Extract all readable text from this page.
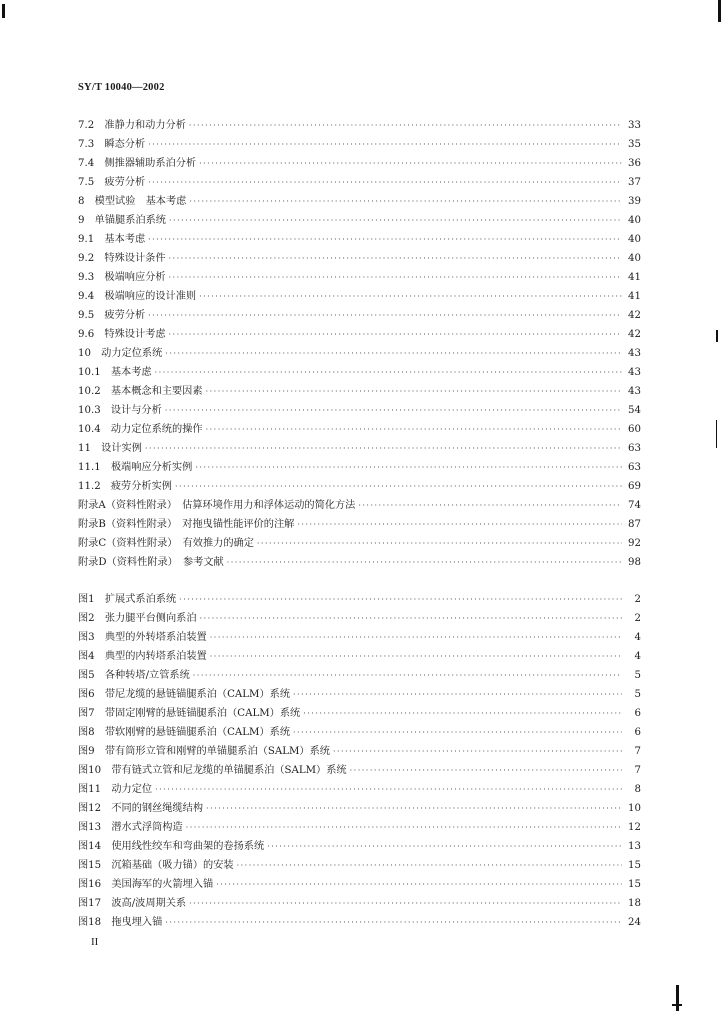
SY/T 10040—2002
7.2　准静力和动力分析 ·····	33
7.3　瞬态分析 ·····	35
7.4　侧推器辅助系泊分析 ·····	36
7.5　疲劳分析 ·····	37
8　模型试验　基本考虑 ·····	39
9　单锚腿系泊系统 ·····	40
9.1　基本考虑 ·····	40
9.2　特殊设计条件 ·····	40
9.3　极端响应分析 ·····	41
9.4　极端响应的设计准则 ·····	41
9.5　疲劳分析 ·····	42
9.6　特殊设计考虑 ·····	42
10　动力定位系统 ·····	43
10.1　基本考虑 ·····	43
10.2　基本概念和主要因素 ·····	43
10.3　设计与分析 ·····	54
10.4　动力定位系统的操作 ·····	60
11　设计实例 ·····	63
11.1　极端响应分析实例 ·····	63
11.2　疲劳分析实例 ·····	69
附录A（资料性附录）　估算环境作用力和浮体运动的简化方法 ·····	74
附录B（资料性附录）　对拖曳锚性能评价的注解 ·····	87
附录C（资料性附录）　有效推力的确定 ·····	92
附录D（资料性附录）　参考文献 ·····	98
图1　扩展式系泊系统 ·····	2
图2　张力腿平台侧向系泊 ·····	2
图3　典型的外转塔系泊装置 ·····	4
图4　典型的内转塔系泊装置 ·····	4
图5　各种转塔/立管系统 ·····	5
图6　带尼龙缆的悬链锚腿系泊（CALM）系统 ·····	5
图7　带固定刚臂的悬链锚腿系泊（CALM）系统 ·····	6
图8　带软刚臂的悬链锚腿系泊（CALM）系统 ·····	6
图9　带有筒形立管和刚臂的单锚腿系泊（SALM）系统 ·····	7
图10　带有链式立管和尼龙缆的单锚腿系泊（SALM）系统 ·····	7
图11　动力定位 ·····	8
图12　不同的钢丝绳缆结构 ·····	10
图13　潜水式浮筒构造 ·····	12
图14　使用线性绞车和弯曲架的卷扬系统 ·····	13
图15　沉箱基础（吸力锚）的安装 ·····	15
图16　美国海军的火箭埋入锚 ·····	15
图17　波高/波周期关系 ·····	18
图18　拖曳埋入锚 ·····	24
II
